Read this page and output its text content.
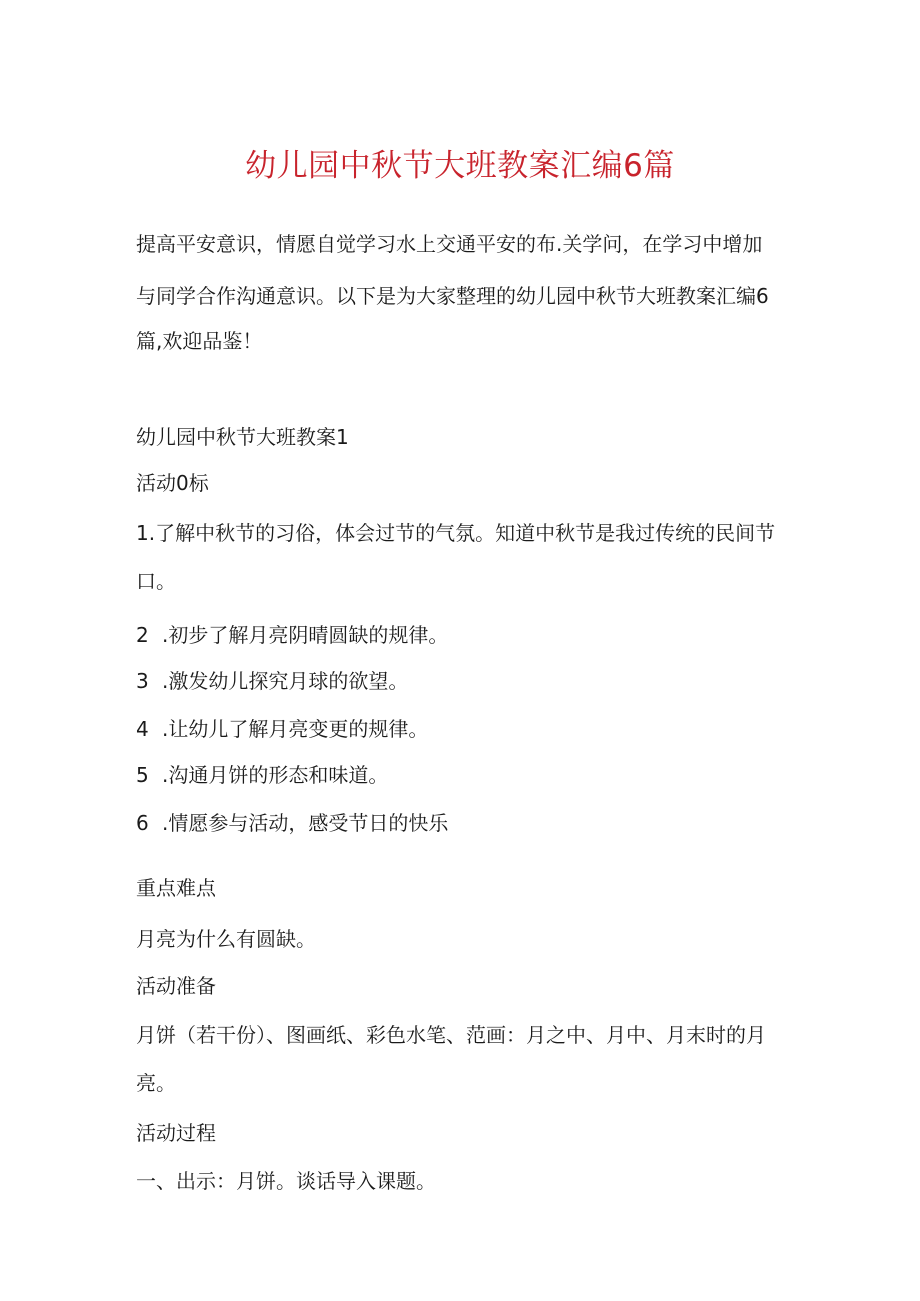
幼儿园中秋节大班教案汇编6篇
提高平安意识，情愿自觉学习水上交通平安的布.关学问，在学习中增加
与同学合作沟通意识。以下是为大家整理的幼儿园中秋节大班教案汇编6
篇,欢迎品鉴！
幼儿园中秋节大班教案1
活动0标
1.了解中秋节的习俗，体会过节的气氛。知道中秋节是我过传统的民间节
口。
2 .初步了解月亮阴晴圆缺的规律。
3 .激发幼儿探究月球的欲望。
4 .让幼儿了解月亮变更的规律。
5 .沟通月饼的形态和味道。
6 .情愿参与活动，感受节日的快乐
重点难点
月亮为什么有圆缺。
活动准备
月饼（若干份）、图画纸、彩色水笔、范画：月之中、月中、月末时的月
亮。
活动过程
一、出示：月饼。谈话导入课题。
